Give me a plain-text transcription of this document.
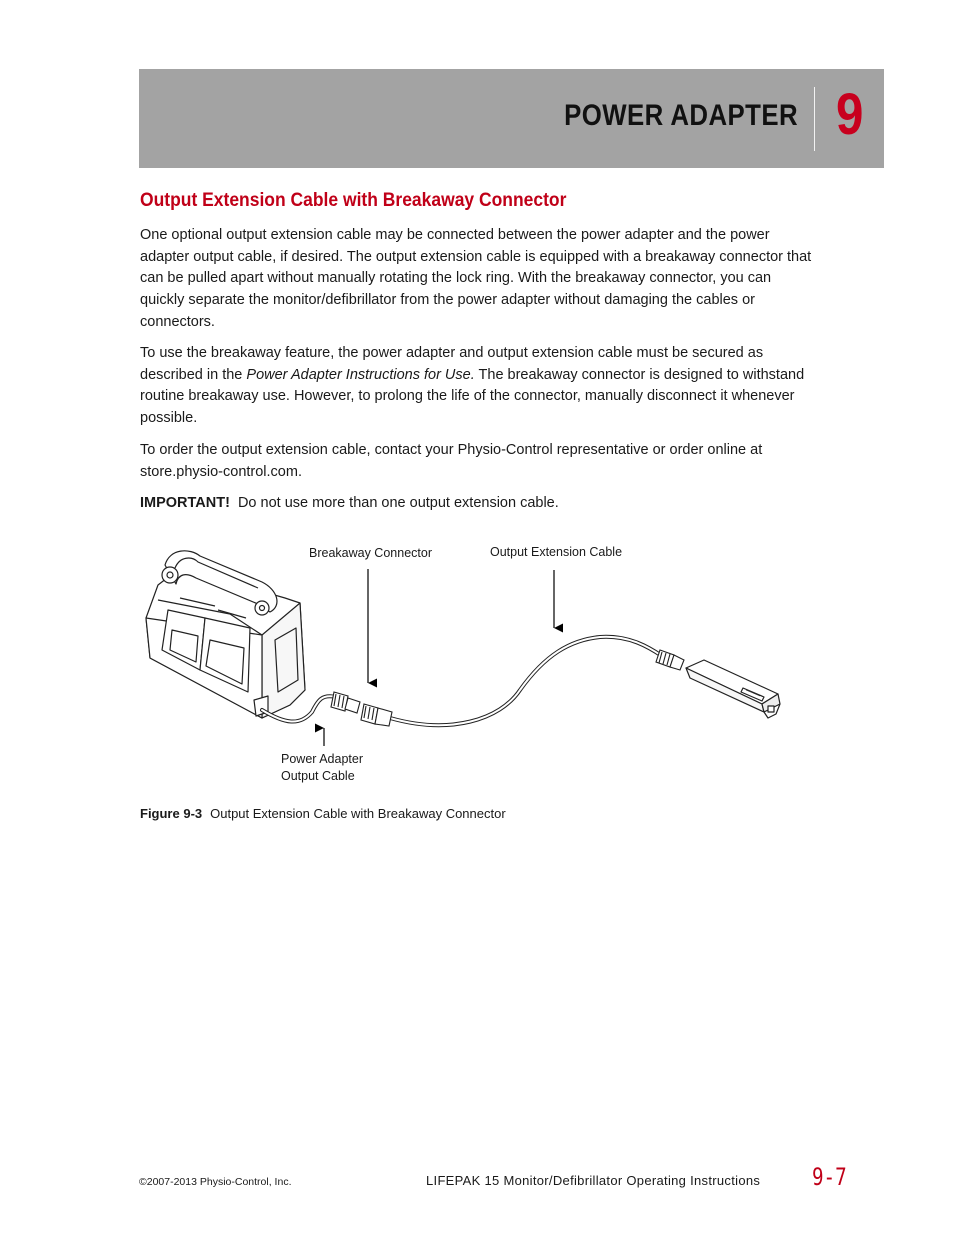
POWER ADAPTER 9
Output Extension Cable with Breakaway Connector

One optional output extension cable may be connected between the power adapter and the power adapter output cable, if desired. The output extension cable is equipped with a breakaway connector that can be pulled apart without manually rotating the lock ring. With the breakaway connector, you can quickly separate the monitor/defibrillator from the power adapter without damaging the cables or connectors.

To use the breakaway feature, the power adapter and output extension cable must be secured as described in the Power Adapter Instructions for Use. The breakaway connector is designed to withstand routine breakaway use. However, to prolong the life of the connector, manually disconnect it whenever possible.

To order the output extension cable, contact your Physio-Control representative or order online at store.physio-control.com.

IMPORTANT! Do not use more than one output extension cable.

Breakaway Connector	Output Extension Cable
Power Adapter
Output Cable
Figure 9-3 Output Extension Cable with Breakaway Connector
©2007-2013 Physio-Control, Inc.	LIFEPAK 15 Monitor/Defibrillator Operating Instructions 9-7
